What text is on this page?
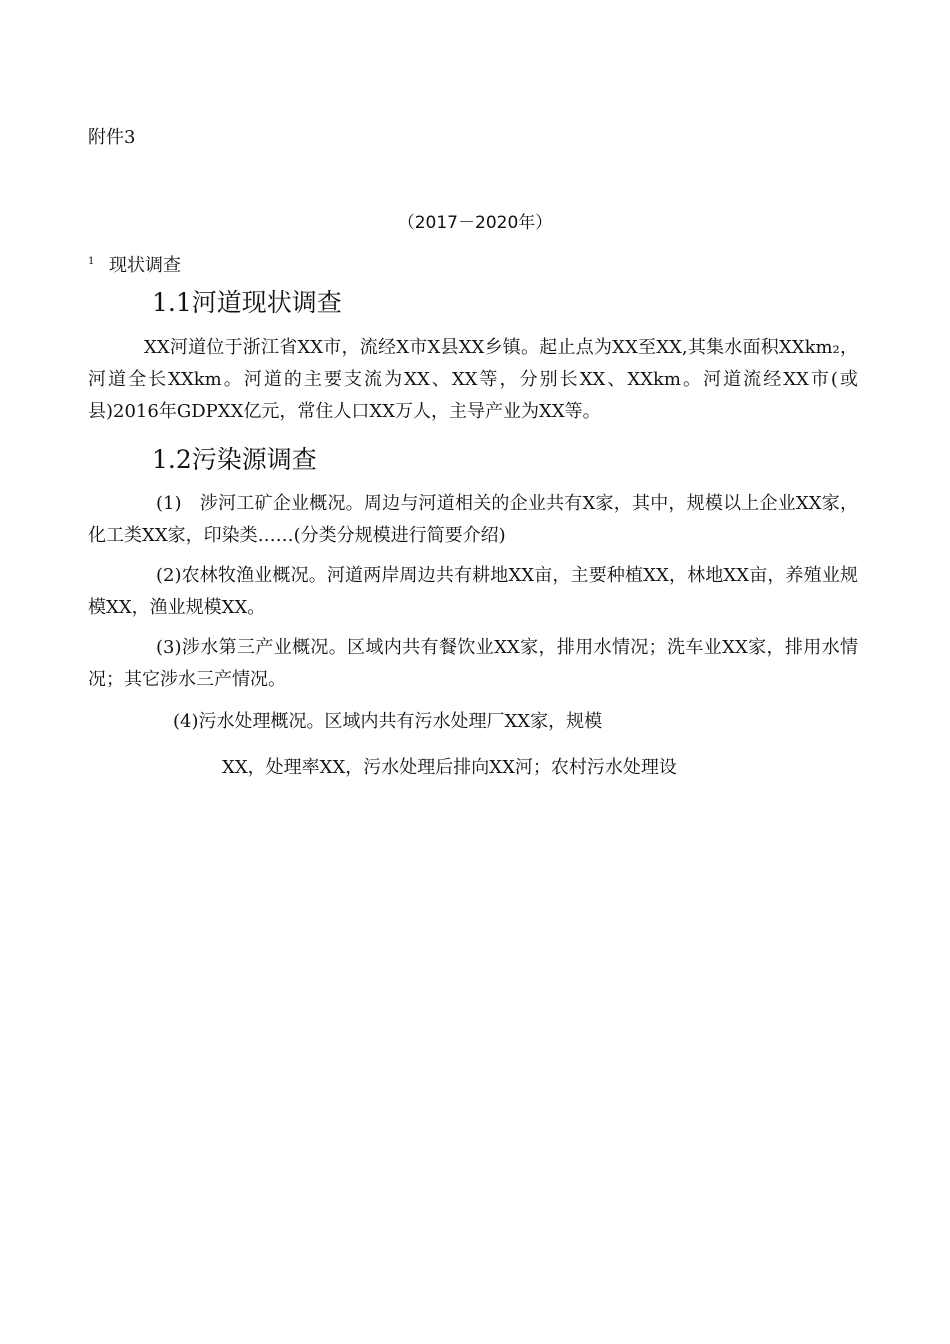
附件3
（2017－2020年）
1 现状调查
1.1河道现状调查
XX河道位于浙江省XX市，流经X市X县XX乡镇。起止点为XX至XX,其集水面积XXkm₂，河道全长XXkm。河道的主要支流为XX、XX等，分别长XX、XXkm。河道流经XX市(或县)2016年GDPXX亿元，常住人口XX万人，主导产业为XX等。
1.2污染源调查
(1)　涉河工矿企业概况。周边与河道相关的企业共有X家，其中，规模以上企业XX家，化工类XX家，印染类……(分类分规模进行简要介绍)
(2)农林牧渔业概况。河道两岸周边共有耕地XX亩，主要种植XX，林地XX亩，养殖业规模XX，渔业规模XX。
(3)涉水第三产业概况。区域内共有餐饮业XX家，排用水情况；洗车业XX家，排用水情况；其它涉水三产情况。
(4)污水处理概况。区域内共有污水处理厂XX家，规模
XX，处理率XX，污水处理后排向XX河；农村污水处理设
